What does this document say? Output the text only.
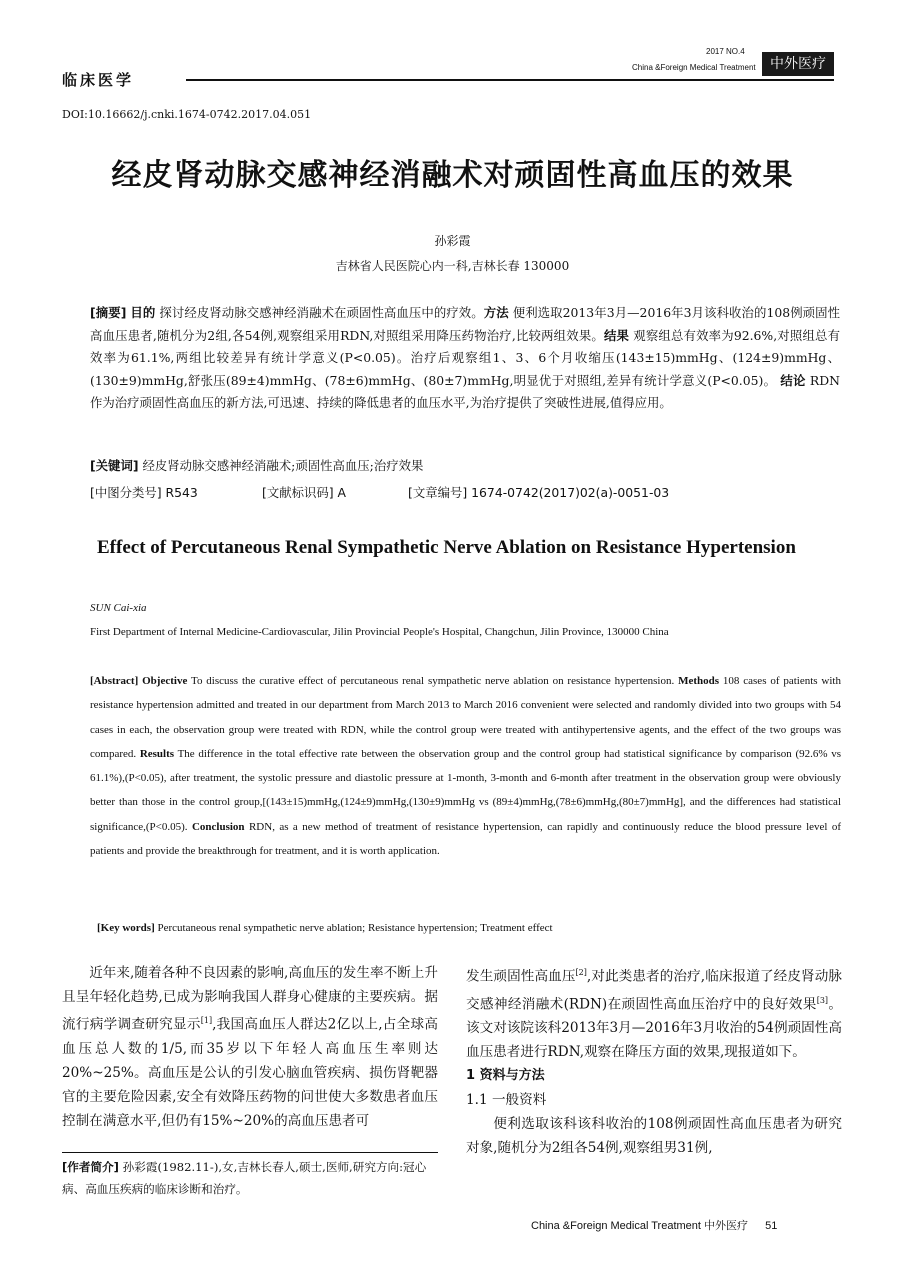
临床医学
2017 NO.4
China &Foreign Medical Treatment	中外医疗
DOI:10.16662/j.cnki.1674-0742.2017.04.051
经皮肾动脉交感神经消融术对顽固性高血压的效果
孙彩霞
吉林省人民医院心内一科,吉林长春 130000
[摘要] 目的 探讨经皮肾动脉交感神经消融术在顽固性高血压中的疗效。方法 便利选取2013年3月—2016年3月该科收治的108例顽固性高血压患者,随机分为2组,各54例,观察组采用RDN,对照组采用降压药物治疗,比较两组效果。结果 观察组总有效率为92.6%,对照组总有效率为61.1%,两组比较差异有统计学意义(P<0.05)。治疗后观察组1、3、6个月收缩压(143±15)mmHg、(124±9)mmHg、(130±9)mmHg,舒张压(89±4)mmHg、(78±6)mmHg、(80±7)mmHg,明显优于对照组,差异有统计学意义(P<0.05)。 结论 RDN作为治疗顽固性高血压的新方法,可迅速、持续的降低患者的血压水平,为治疗提供了突破性进展,值得应用。
[关键词] 经皮肾动脉交感神经消融术;顽固性高血压;治疗效果
[中图分类号] R543	[文献标识码] A	[文章编号] 1674-0742(2017)02(a)-0051-03
Effect of Percutaneous Renal Sympathetic Nerve Ablation on Resistance Hypertension
SUN Cai-xia
First Department of Internal Medicine-Cardiovascular, Jilin Provincial People's Hospital, Changchun, Jilin Province, 130000 China
[Abstract] Objective To discuss the curative effect of percutaneous renal sympathetic nerve ablation on resistance hypertension. Methods 108 cases of patients with resistance hypertension admitted and treated in our department from March 2013 to March 2016 convenient were selected and randomly divided into two groups with 54 cases in each, the observation group were treated with RDN, while the control group were treated with antihypertensive agents, and the effect of the two groups was compared. Results The difference in the total effective rate between the observation group and the control group had statistical significance by comparison (92.6% vs 61.1%),(P<0.05), after treatment, the systolic pressure and diastolic pressure at 1-month, 3-month and 6-month after treatment in the observation group were obviously better than those in the control group,[(143±15)mmHg,(124±9)mmHg,(130±9)mmHg vs (89±4)mmHg,(78±6)mmHg,(80±7)mmHg], and the differences had statistical significance,(P<0.05). Conclusion RDN, as a new method of treatment of resistance hypertension, can rapidly and continuously reduce the blood pressure level of patients and provide the breakthrough for treatment, and it is worth application.
[Key words] Percutaneous renal sympathetic nerve ablation; Resistance hypertension; Treatment effect

近年来,随着各种不良因素的影响,高血压的发生率不断上升且呈年轻化趋势,已成为影响我国人群身心健康的主要疾病。据流行病学调查研究显示[1],我国高血压人群达2亿以上,占全球高血压总人数的1/5,而35岁以下年轻人高血压生率则达20%~25%。高血压是公认的引发心脑血管疾病、损伤肾靶器官的主要危险因素,安全有效降压药物的问世使大多数患者血压控制在满意水平,但仍有15%~20%的高血压患者可

[作者简介] 孙彩霞(1982.11-),女,吉林长春人,硕士,医师,研究方向:冠心病、高血压疾病的临床诊断和治疗。

发生顽固性高血压[2],对此类患者的治疗,临床报道了经皮肾动脉交感神经消融术(RDN)在顽固性高血压治疗中的良好效果[3]。该文对该院该科2013年3月—2016年3月收治的54例顽固性高血压患者进行RDN,观察在降压方面的效果,现报道如下。

1 资料与方法

1.1 一般资料

便利选取该科该科收治的108例顽固性高血压患者为研究对象,随机分为2组各54例,观察组男31例,

China &Foreign Medical Treatment 中外医疗 51
